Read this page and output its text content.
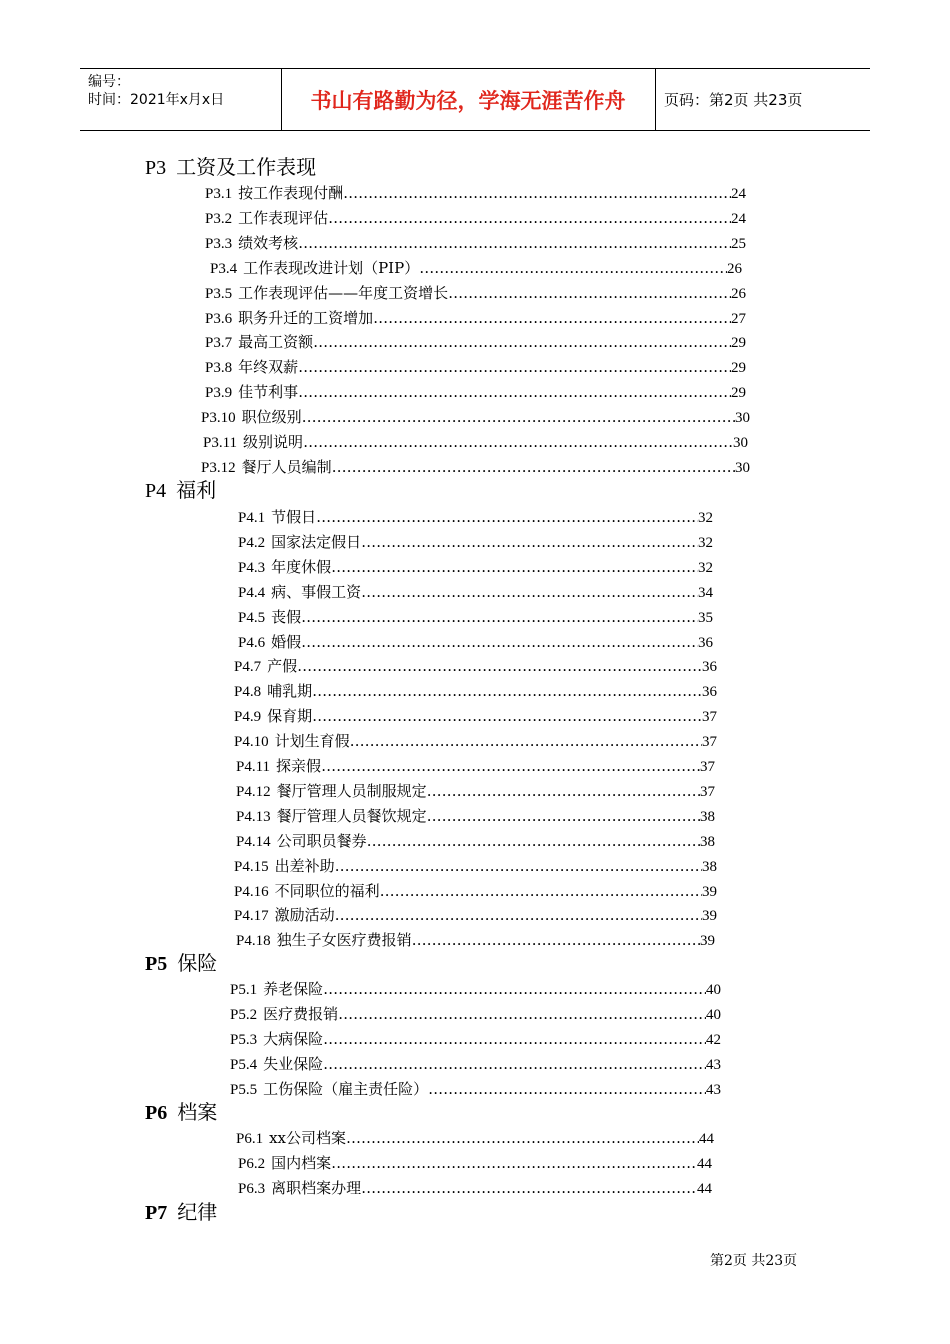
编号：
时间：2021年x月x日	书山有路勤为径，学海无涯苦作舟	页码：第2页 共23页
P3 工资及工作表现
P3.1 按工作表现付酬 ……………………………………………………………………………………………………………………………………………………………………………………………	24
P3.2 工作表现评估 ……………………………………………………………………………………………………………………………………………………………………………………………	24
P3.3 绩效考核 ……………………………………………………………………………………………………………………………………………………………………………………………	25
P3.4 工作表现改进计划（PIP） ……………………………………………………………………………………………………………………………………………………………………………………………	26
P3.5 工作表现评估——年度工资增长 ……………………………………………………………………………………………………………………………………………………………………………………………	26
P3.6 职务升迁的工资增加 ……………………………………………………………………………………………………………………………………………………………………………………………	27
P3.7 最高工资额 ……………………………………………………………………………………………………………………………………………………………………………………………	29
P3.8 年终双薪 ……………………………………………………………………………………………………………………………………………………………………………………………	29
P3.9 佳节利事 ……………………………………………………………………………………………………………………………………………………………………………………………	29
P3.10 职位级别 ……………………………………………………………………………………………………………………………………………………………………………………………	30
P3.11 级别说明 ……………………………………………………………………………………………………………………………………………………………………………………………	30
P3.12 餐厅人员编制 ……………………………………………………………………………………………………………………………………………………………………………………………	30
P4 福利
P4.1 节假日 ……………………………………………………………………………………………………………………………………………………………………………………………	32
P4.2 国家法定假日 ……………………………………………………………………………………………………………………………………………………………………………………………	32
P4.3 年度休假 ……………………………………………………………………………………………………………………………………………………………………………………………	32
P4.4 病、事假工资 ……………………………………………………………………………………………………………………………………………………………………………………………	34
P4.5 丧假 ……………………………………………………………………………………………………………………………………………………………………………………………	35
P4.6 婚假 ……………………………………………………………………………………………………………………………………………………………………………………………	36
P4.7 产假 ……………………………………………………………………………………………………………………………………………………………………………………………	36
P4.8 哺乳期 ……………………………………………………………………………………………………………………………………………………………………………………………	36
P4.9 保育期 ……………………………………………………………………………………………………………………………………………………………………………………………	37
P4.10 计划生育假 ……………………………………………………………………………………………………………………………………………………………………………………………	37
P4.11 探亲假 ……………………………………………………………………………………………………………………………………………………………………………………………	37
P4.12 餐厅管理人员制服规定 ……………………………………………………………………………………………………………………………………………………………………………………………	37
P4.13 餐厅管理人员餐饮规定 ……………………………………………………………………………………………………………………………………………………………………………………………	38
P4.14 公司职员餐券 ……………………………………………………………………………………………………………………………………………………………………………………………	38
P4.15 出差补助 ……………………………………………………………………………………………………………………………………………………………………………………………	38
P4.16 不同职位的福利 ……………………………………………………………………………………………………………………………………………………………………………………………	39
P4.17 激励活动 ……………………………………………………………………………………………………………………………………………………………………………………………	39
P4.18 独生子女医疗费报销 ……………………………………………………………………………………………………………………………………………………………………………………………	39
P5 保险
P5.1 养老保险 ……………………………………………………………………………………………………………………………………………………………………………………………	40
P5.2 医疗费报销 ……………………………………………………………………………………………………………………………………………………………………………………………	40
P5.3 大病保险 ……………………………………………………………………………………………………………………………………………………………………………………………	42
P5.4 失业保险 ……………………………………………………………………………………………………………………………………………………………………………………………	43
P5.5 工伤保险（雇主责任险） ……………………………………………………………………………………………………………………………………………………………………………………………	43
P6 档案
P6.1 xx公司档案 ……………………………………………………………………………………………………………………………………………………………………………………………	44
P6.2 国内档案 ……………………………………………………………………………………………………………………………………………………………………………………………	44
P6.3 离职档案办理 ……………………………………………………………………………………………………………………………………………………………………………………………	44
P7 纪律
第2页 共23页
